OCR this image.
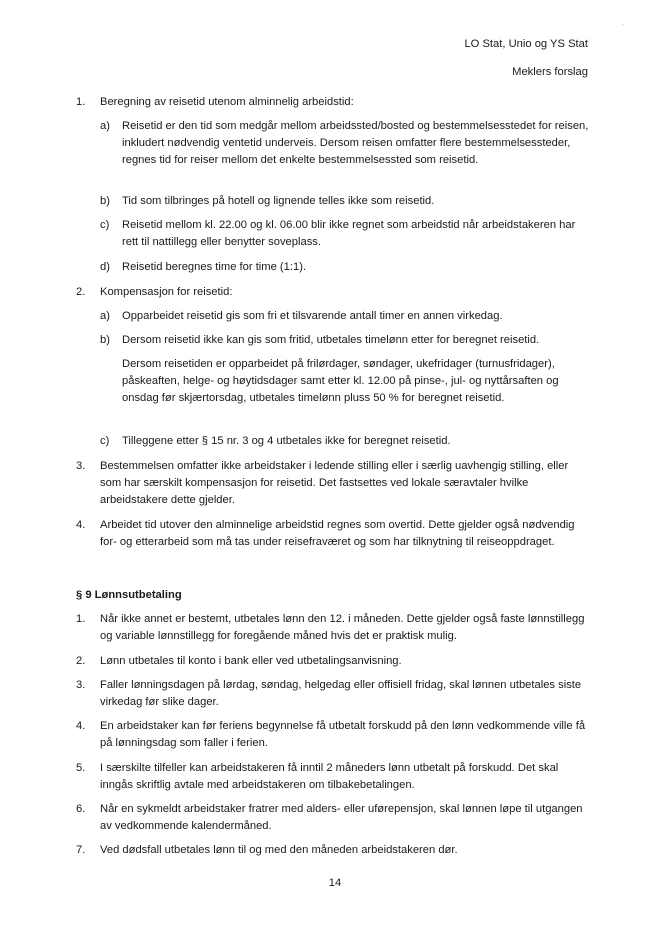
·
LO Stat, Unio og YS Stat
Meklers forslag
1. Beregning av reisetid utenom alminnelig arbeidstid:
a) Reisetid er den tid som medgår mellom arbeidssted/bosted og bestemmelsesstedet for reisen, inkludert nødvendig ventetid underveis. Dersom reisen omfatter flere bestemmelsessteder, regnes tid for reiser mellom det enkelte bestemmelsessted som reisetid.
b) Tid som tilbringes på hotell og lignende telles ikke som reisetid.
c) Reisetid mellom kl. 22.00 og kl. 06.00 blir ikke regnet som arbeidstid når arbeidstakeren har rett til nattillegg eller benytter soveplass.
d) Reisetid beregnes time for time (1:1).
2. Kompensasjon for reisetid:
a) Opparbeidet reisetid gis som fri et tilsvarende antall timer en annen virkedag.
b) Dersom reisetid ikke kan gis som fritid, utbetales timelønn etter for beregnet reisetid.
Dersom reisetiden er opparbeidet på frilørdager, søndager, ukefridager (turnusfridager), påskeaften, helge- og høytidsdager samt etter kl. 12.00 på pinse-, jul- og nyttårsaften og onsdag før skjærtorsdag, utbetales timelønn pluss 50 % for beregnet reisetid.
c) Tilleggene etter § 15 nr. 3 og 4 utbetales ikke for beregnet reisetid.
3. Bestemmelsen omfatter ikke arbeidstaker i ledende stilling eller i særlig uavhengig stilling, eller som har særskilt kompensasjon for reisetid. Det fastsettes ved lokale særavtaler hvilke arbeidstakere dette gjelder.
4. Arbeidet tid utover den alminnelige arbeidstid regnes som overtid. Dette gjelder også nødvendig for- og etterarbeid som må tas under reisefraværet og som har tilknytning til reiseoppdraget.
§ 9 Lønnsutbetaling
1. Når ikke annet er bestemt, utbetales lønn den 12. i måneden. Dette gjelder også faste lønnstillegg og variable lønnstillegg for foregående måned hvis det er praktisk mulig.
2. Lønn utbetales til konto i bank eller ved utbetalingsanvisning.
3. Faller lønningsdagen på lørdag, søndag, helgedag eller offisiell fridag, skal lønnen utbetales siste virkedag før slike dager.
4. En arbeidstaker kan før feriens begynnelse få utbetalt forskudd på den lønn vedkommende ville få på lønningsdag som faller i ferien.
5. I særskilte tilfeller kan arbeidstakeren få inntil 2 måneders lønn utbetalt på forskudd. Det skal inngås skriftlig avtale med arbeidstakeren om tilbakebetalingen.
6. Når en sykmeldt arbeidstaker fratrer med alders- eller uførepensjon, skal lønnen løpe til utgangen av vedkommende kalendermåned.
7. Ved dødsfall utbetales lønn til og med den måneden arbeidstakeren dør.
14
